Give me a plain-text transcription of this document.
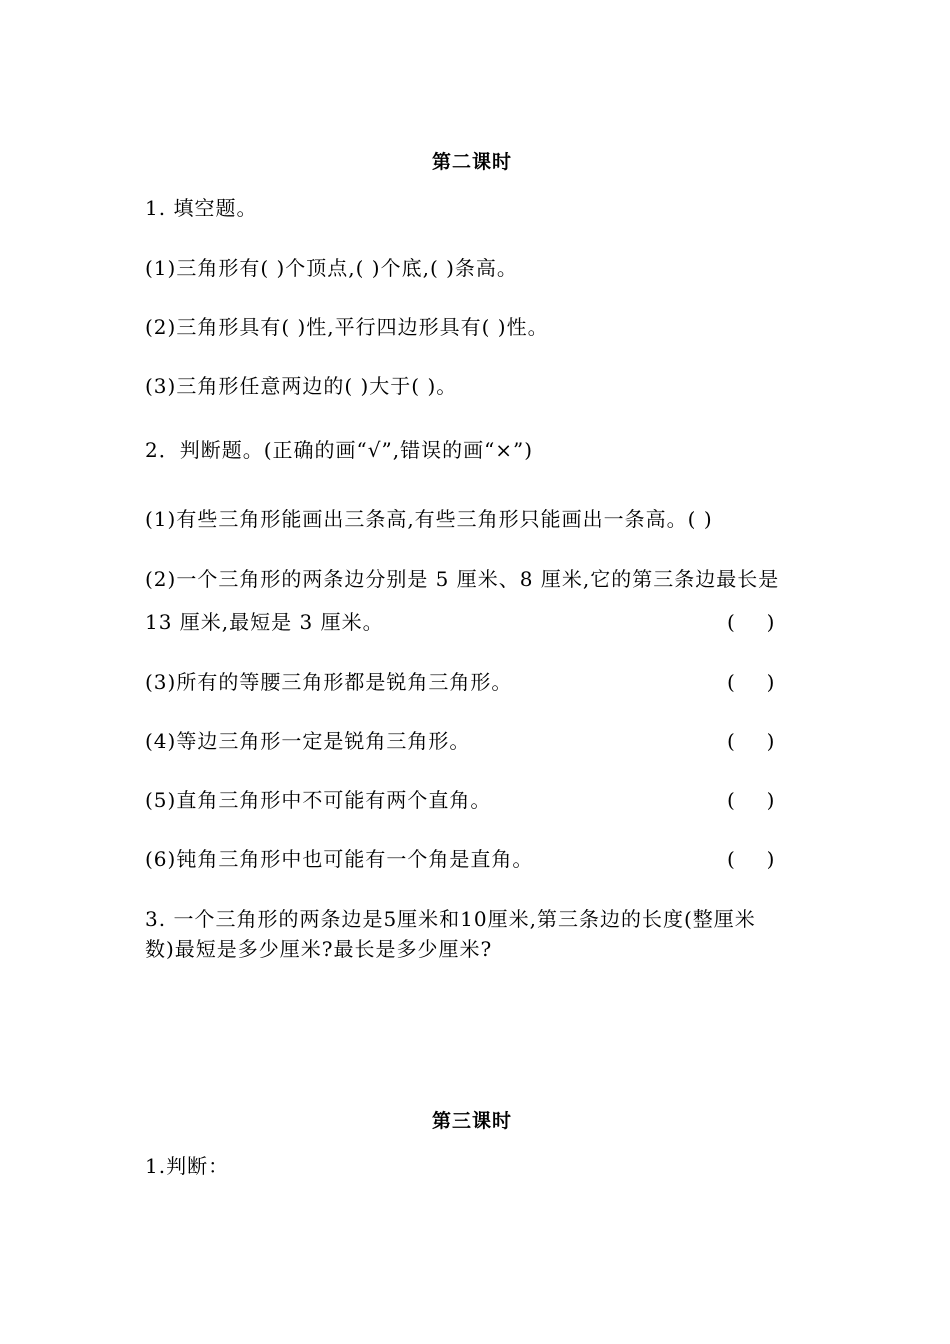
第二课时
1. 填空题。
(1)三角形有( )个顶点,( )个底,( )条高。
(2)三角形具有( )性,平行四边形具有( )性。
(3)三角形任意两边的( )大于( )。
2．判断题。(正确的画“√”,错误的画“×”)
(1)有些三角形能画出三条高,有些三角形只能画出一条高。( )
(2)一个三角形的两条边分别是 5 厘米、8 厘米,它的第三条边最长是
13 厘米,最短是 3 厘米。	(     )
(3)所有的等腰三角形都是锐角三角形。	(     )
(4)等边三角形一定是锐角三角形。	(     )
(5)直角三角形中不可能有两个直角。	(     )
(6)钝角三角形中也可能有一个角是直角。	(     )
3. 一个三角形的两条边是5厘米和10厘米,第三条边的长度(整厘米
数)最短是多少厘米?最长是多少厘米?
第三课时
1.判断：
